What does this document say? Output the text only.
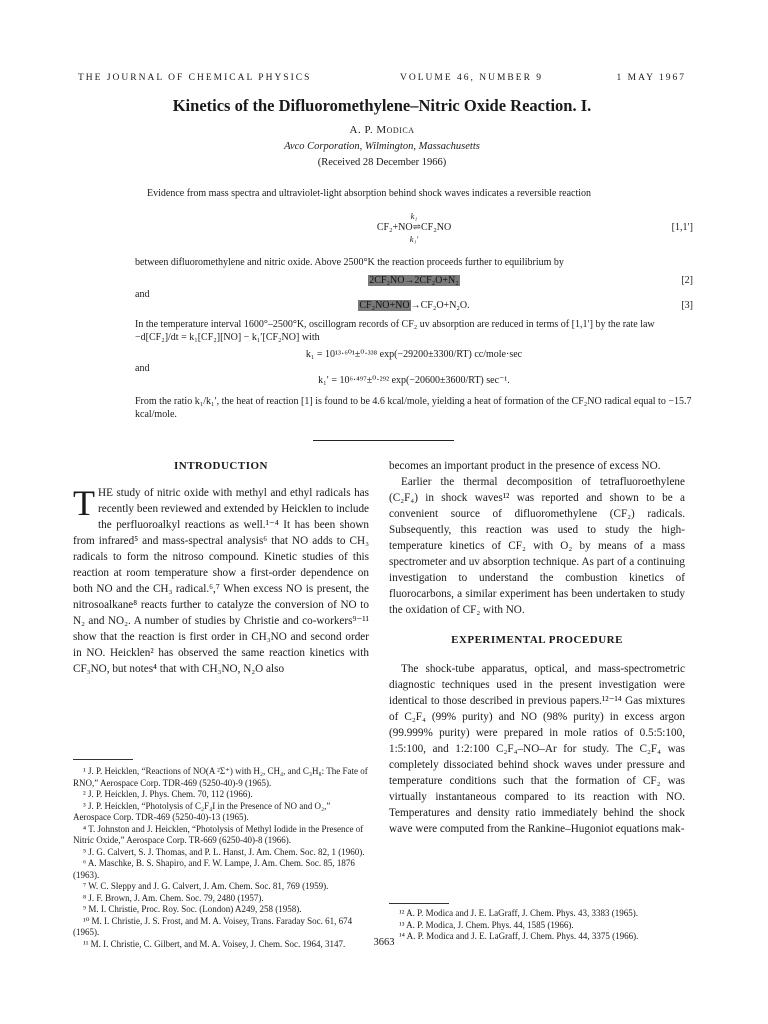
THE JOURNAL OF CHEMICAL PHYSICS	VOLUME 46, NUMBER 9	1 MAY 1967
Kinetics of the Difluoromethylene–Nitric Oxide Reaction. I.
A. P. Modica
Avco Corporation, Wilmington, Massachusetts
(Received 28 December 1966)
Evidence from mass spectra and ultraviolet-light absorption behind shock waves indicates a reversible reaction
k₁
CF₂+NO⇌CF₂NO	[1,1′]
k₁′
between difluoromethylene and nitric oxide. Above 2500°K the reaction proceeds further to equilibrium by
2CF₂NO→2CF₂O+N₂	[2]
and
CF₂NO+NO→CF₂O+N₂O.	[3]
In the temperature interval 1600°–2500°K, oscillogram records of CF₂ uv absorption are reduced in terms of [1,1′] by the rate law −d[CF₂]/dt = k₁[CF₂][NO] − k₁′[CF₂NO] with
k₁ = 10¹³·⁶⁰¹±⁰·³³⁸ exp(−29200±3300/RT) cc/mole·sec
and
k₁′ = 10⁶·⁴⁹⁷±⁰·²⁹² exp(−20600±3600/RT) sec⁻¹.
From the ratio k₁/k₁′, the heat of reaction [1] is found to be 4.6 kcal/mole, yielding a heat of formation of the CF₂NO radical equal to −15.7 kcal/mole.
INTRODUCTION

THE study of nitric oxide with methyl and ethyl radicals has recently been reviewed and extended by Heicklen to include the perfluoroalkyl reactions as well.¹⁻⁴ It has been shown from infrared⁵ and mass-spectral analysis⁶ that NO adds to CH₃ radicals to form the nitroso compound. Kinetic studies of this reaction at room temperature show a first-order dependence on both NO and the CH₃ radical.⁶,⁷ When excess NO is present, the nitrosoalkane⁸ reacts further to catalyze the conversion of NO to N₂ and NO₂. A number of studies by Christie and co-workers⁹⁻¹¹ show that the reaction is first order in CH₃NO and second order in NO. Heicklen² has observed the same reaction kinetics with CF₃NO, but notes⁴ that with CH₃NO, N₂O also

¹ J. P. Heicklen, “Reactions of NO(A ²Σ⁺) with H₂, CH₄, and C₃H₈: The Fate of RNO,” Aerospace Corp. TDR-469 (5250-40)-9 (1965).

² J. P. Heicklen, J. Phys. Chem. 70, 112 (1966).

³ J. P. Heicklen, “Photolysis of C₂F₄I in the Presence of NO and O₂,” Aerospace Corp. TDR-469 (5250-40)-13 (1965).

⁴ T. Johnston and J. Heicklen, “Photolysis of Methyl Iodide in the Presence of Nitric Oxide,” Aerospace Corp. TR-669 (6250-40)-8 (1966).

⁵ J. G. Calvert, S. J. Thomas, and P. L. Hanst, J. Am. Chem. Soc. 82, 1 (1960).

⁶ A. Maschke, B. S. Shapiro, and F. W. Lampe, J. Am. Chem. Soc. 85, 1876 (1963).

⁷ W. C. Sleppy and J. G. Calvert, J. Am. Chem. Soc. 81, 769 (1959).

⁸ J. F. Brown, J. Am. Chem. Soc. 79, 2480 (1957).

⁹ M. I. Christie, Proc. Roy. Soc. (London) A249, 258 (1958).

¹⁰ M. I. Christie, J. S. Frost, and M. A. Voisey, Trans. Faraday Soc. 61, 674 (1965).

¹¹ M. I. Christie, C. Gilbert, and M. A. Voisey, J. Chem. Soc. 1964, 3147.

becomes an important product in the presence of excess NO.

Earlier the thermal decomposition of tetrafluoroethylene (C₂F₄) in shock waves¹² was reported and shown to be a convenient source of difluoromethylene (CF₂) radicals. Subsequently, this reaction was used to study the high-temperature kinetics of CF₂ with O₂ by means of a mass spectrometer and uv absorption technique. As part of a continuing investigation to understand the combustion kinetics of fluorocarbons, a similar experiment has been undertaken to study the oxidation of CF₂ with NO.

EXPERIMENTAL PROCEDURE

The shock-tube apparatus, optical, and mass-spectrometric diagnostic techniques used in the present investigation were identical to those described in previous papers.¹²⁻¹⁴ Gas mixtures of C₂F₄ (99% purity) and NO (98% purity) in excess argon (99.999% purity) were prepared in mole ratios of 0.5:5:100, 1:5:100, and 1:2:100 C₂F₄–NO–Ar for study. The C₂F₄ was completely dissociated behind shock waves under pressure and temperature conditions such that the formation of CF₂ was virtually instantaneous compared to its reaction with NO. Temperatures and density ratio immediately behind the shock wave were computed from the Rankine–Hugoniot equations mak-

¹² A. P. Modica and J. E. LaGraff, J. Chem. Phys. 43, 3383 (1965).

¹³ A. P. Modica, J. Chem. Phys. 44, 1585 (1966).

¹⁴ A. P. Modica and J. E. LaGraff, J. Chem. Phys. 44, 3375 (1966).

3663
